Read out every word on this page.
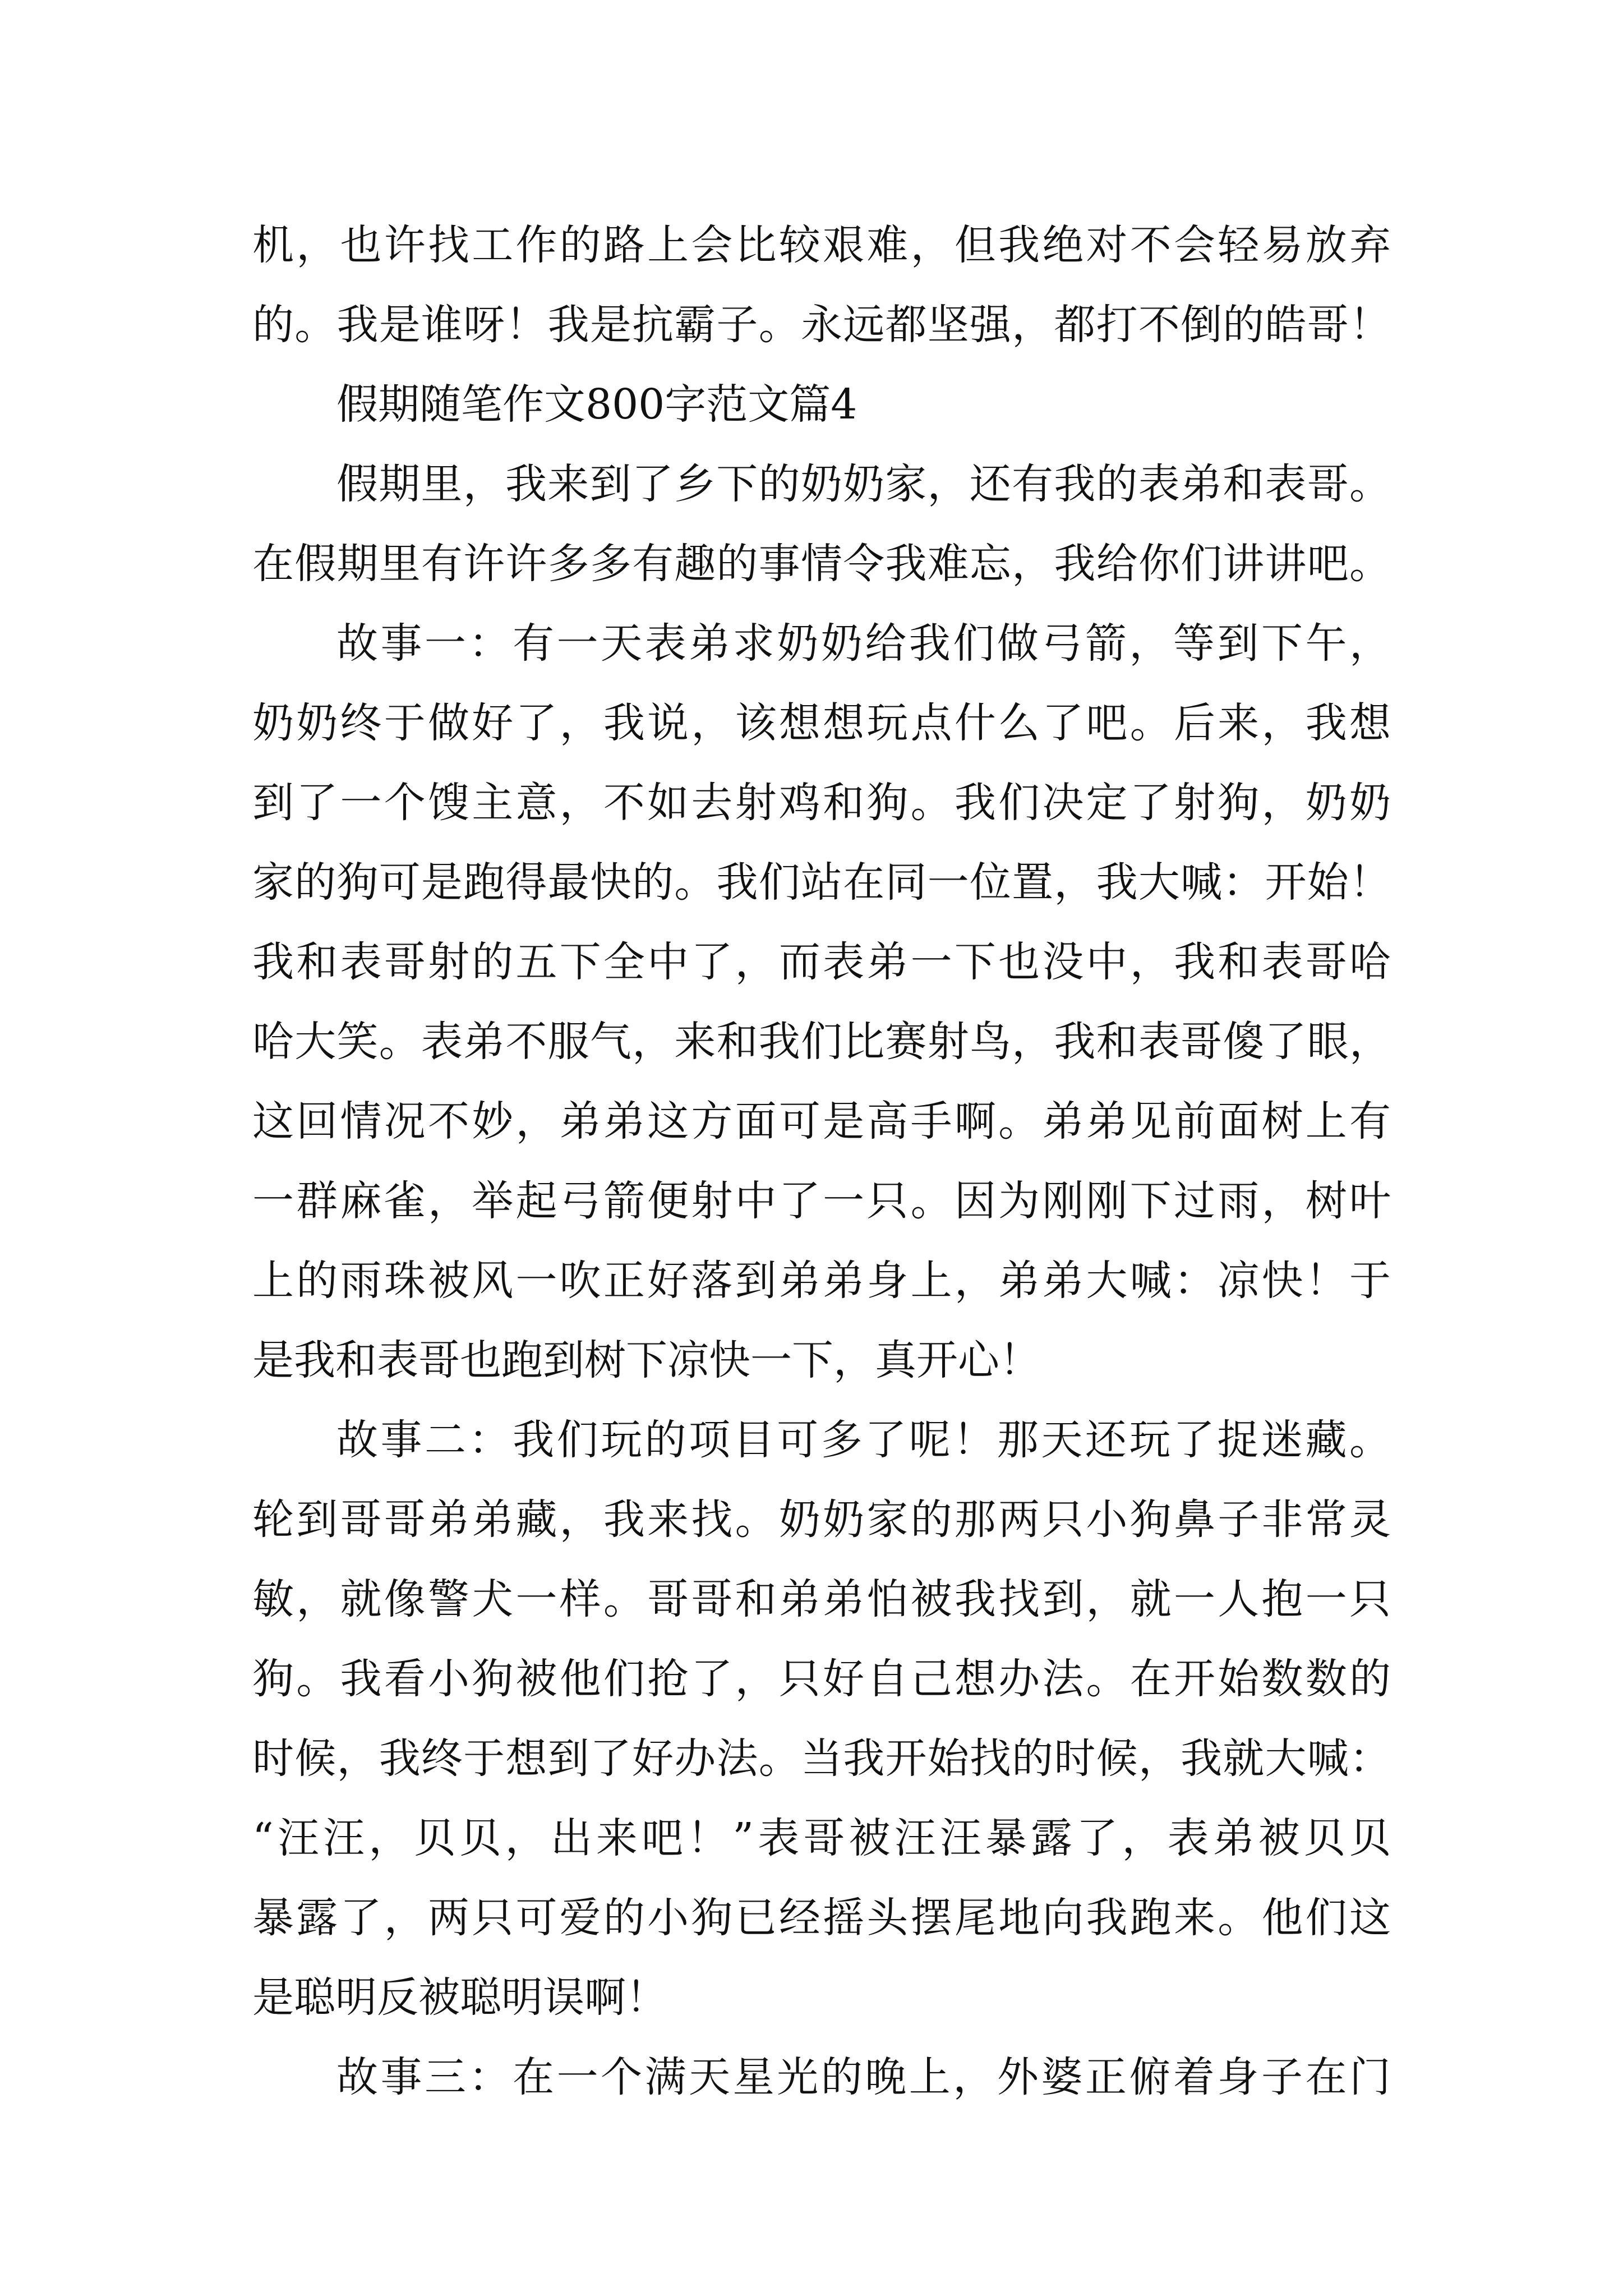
机，也许找工作的路上会比较艰难，但我绝对不会轻易放弃
的。我是谁呀！我是抗霸子。永远都坚强，都打不倒的皓哥！
假期随笔作文800字范文篇4
假期里，我来到了乡下的奶奶家，还有我的表弟和表哥。
在假期里有许许多多有趣的事情令我难忘，我给你们讲讲吧。
故事一：有一天表弟求奶奶给我们做弓箭，等到下午，
奶奶终于做好了，我说，该想想玩点什么了吧。后来，我想
到了一个馊主意，不如去射鸡和狗。我们决定了射狗，奶奶
家的狗可是跑得最快的。我们站在同一位置，我大喊：开始！
我和表哥射的五下全中了，而表弟一下也没中，我和表哥哈
哈大笑。表弟不服气，来和我们比赛射鸟，我和表哥傻了眼，
这回情况不妙，弟弟这方面可是高手啊。弟弟见前面树上有
一群麻雀，举起弓箭便射中了一只。因为刚刚下过雨，树叶
上的雨珠被风一吹正好落到弟弟身上，弟弟大喊：凉快！于
是我和表哥也跑到树下凉快一下，真开心！
故事二：我们玩的项目可多了呢！那天还玩了捉迷藏。
轮到哥哥弟弟藏，我来找。奶奶家的那两只小狗鼻子非常灵
敏，就像警犬一样。哥哥和弟弟怕被我找到，就一人抱一只
狗。我看小狗被他们抢了，只好自己想办法。在开始数数的
时候，我终于想到了好办法。当我开始找的时候，我就大喊：
“汪汪，贝贝，出来吧！”表哥被汪汪暴露了，表弟被贝贝
暴露了，两只可爱的小狗已经摇头摆尾地向我跑来。他们这
是聪明反被聪明误啊！
故事三：在一个满天星光的晚上，外婆正俯着身子在门
